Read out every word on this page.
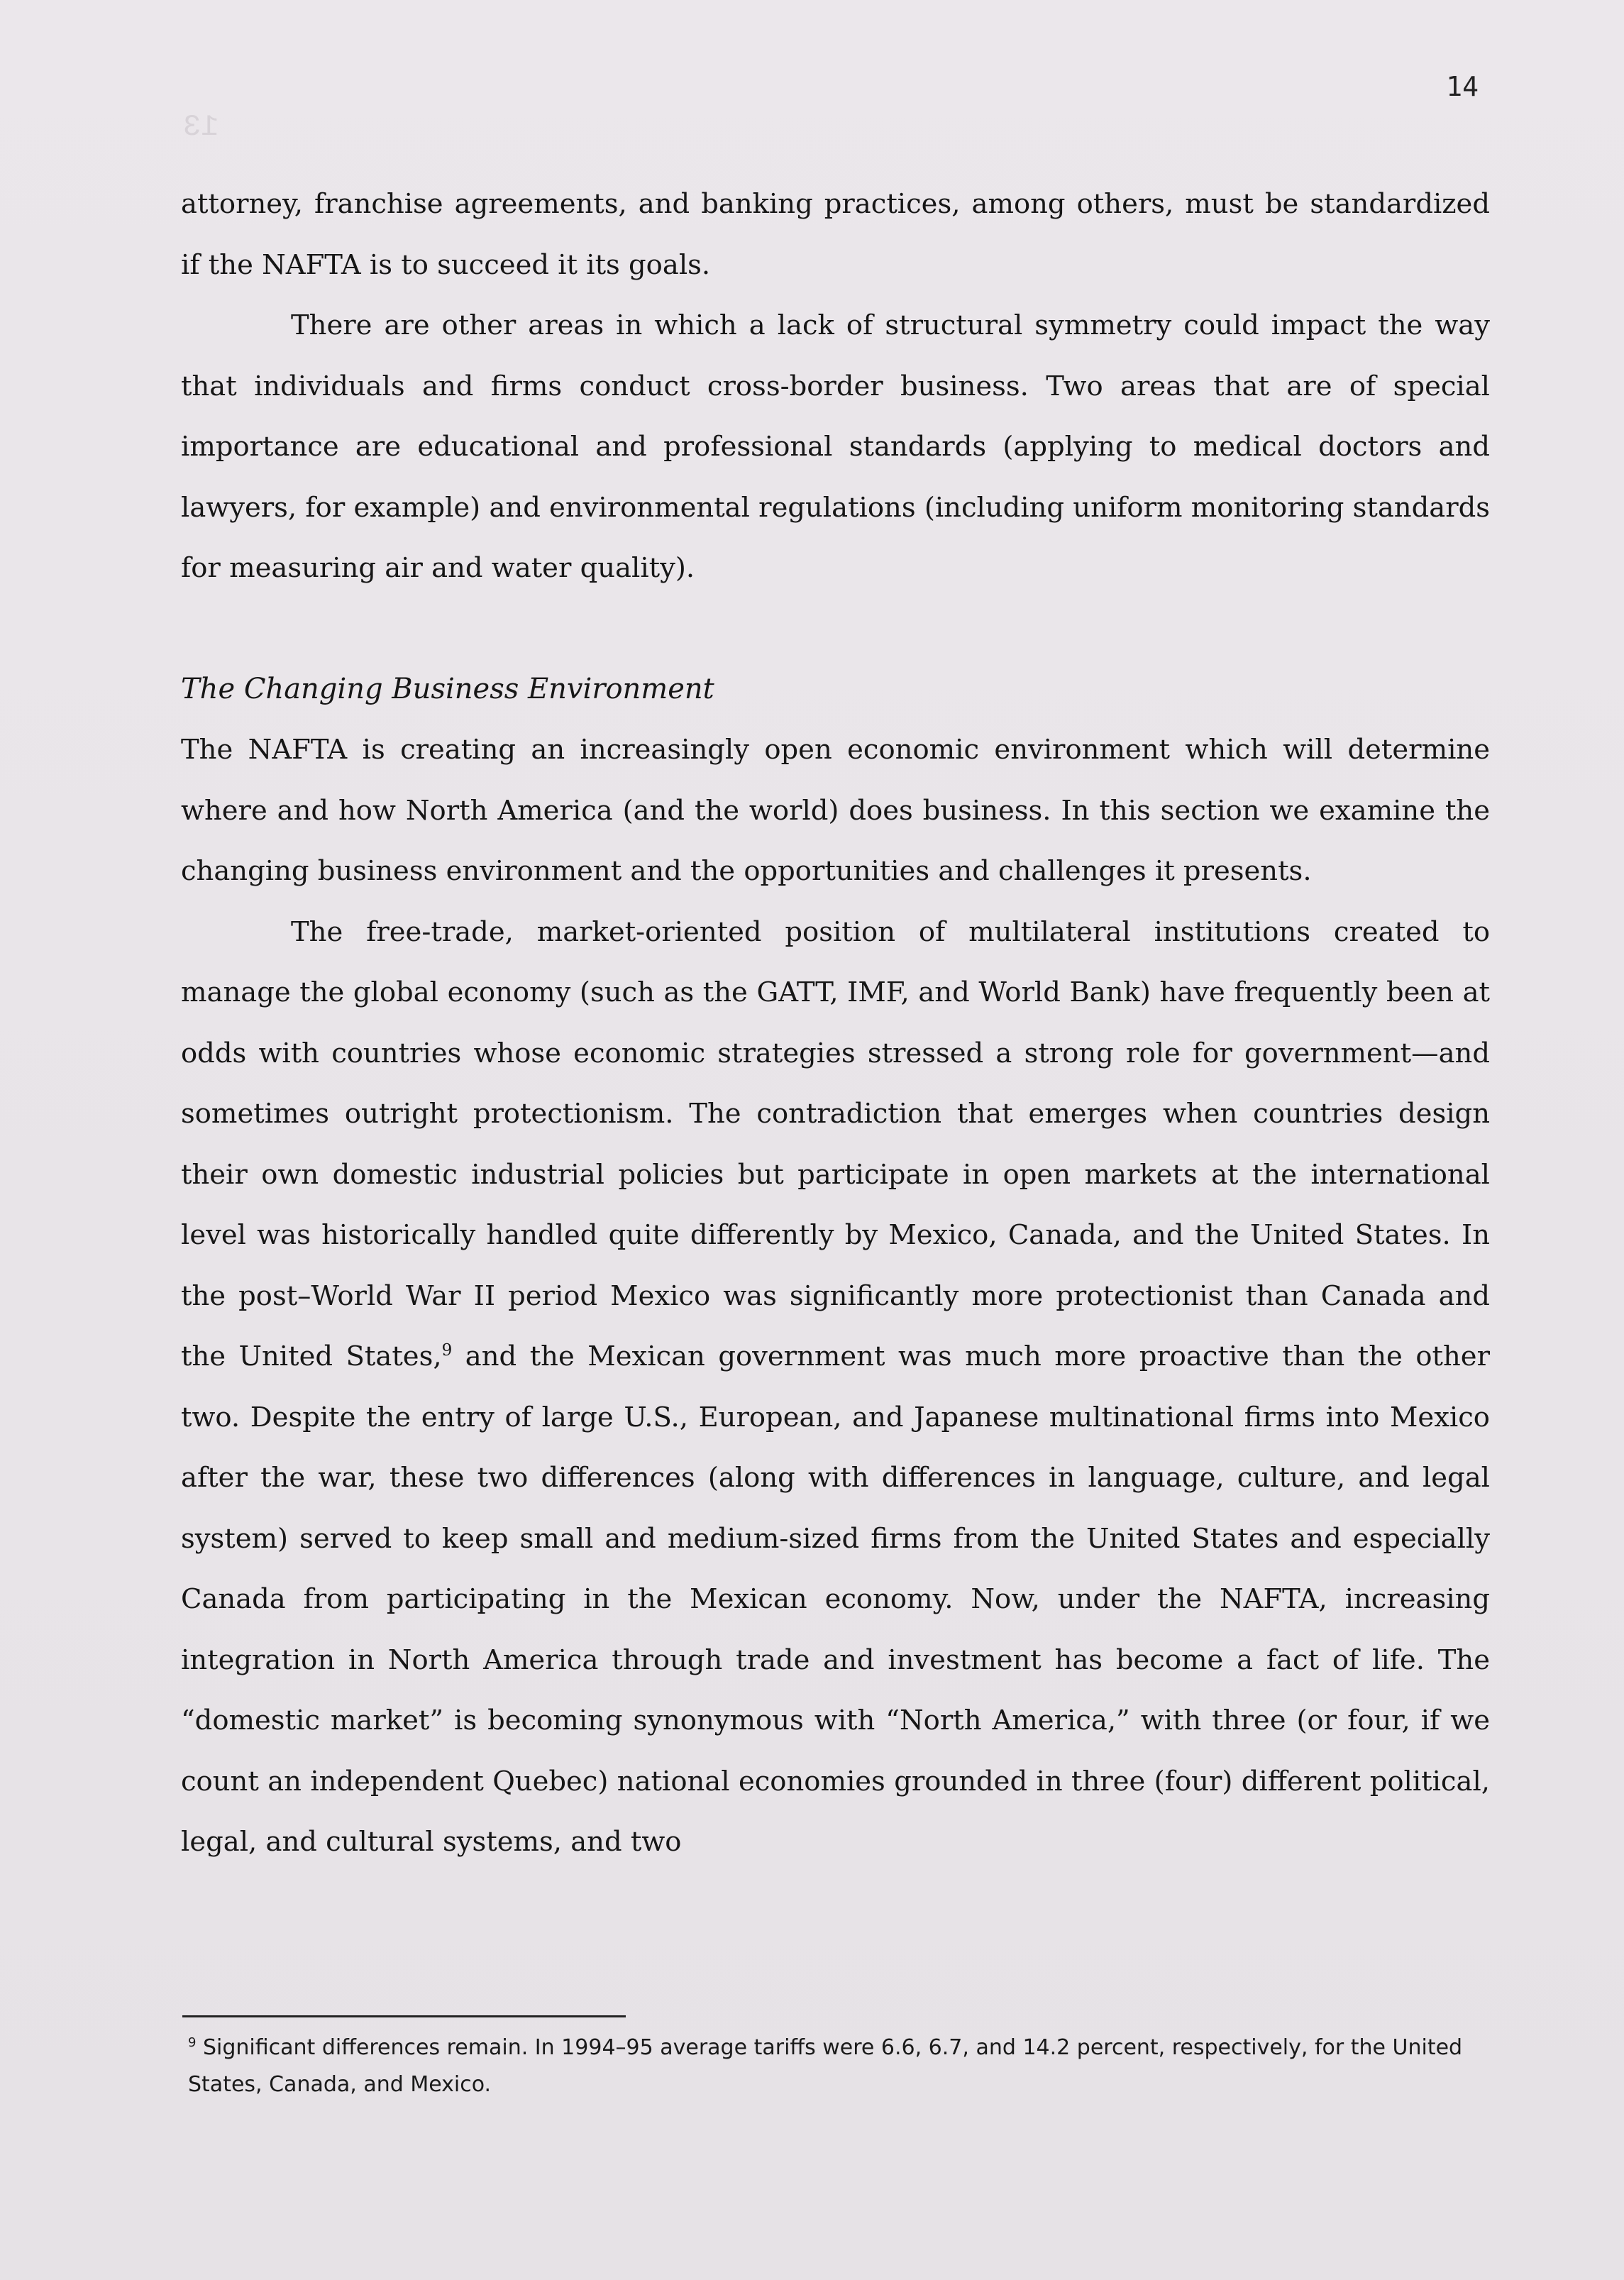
13
14

attorney, franchise agreements, and banking practices, among others, must be standardized if the NAFTA is to succeed it its goals.

There are other areas in which a lack of structural symmetry could impact the way that individuals and firms conduct cross-border business. Two areas that are of special importance are educational and professional standards (applying to medical doctors and lawyers, for example) and environmental regulations (including uniform monitoring standards for measuring air and water quality).

The Changing Business Environment

The NAFTA is creating an increasingly open economic environment which will determine where and how North America (and the world) does business. In this section we examine the changing business environment and the opportunities and challenges it presents.

The free-trade, market-oriented position of multilateral institutions created to manage the global economy (such as the GATT, IMF, and World Bank) have frequently been at odds with countries whose economic strategies stressed a strong role for government—and sometimes outright protectionism. The contradiction that emerges when countries design their own domestic industrial policies but participate in open markets at the international level was historically handled quite differently by Mexico, Canada, and the United States. In the post–World War II period Mexico was significantly more protectionist than Canada and the United States,$^9$ and the Mexican government was much more proactive than the other two. Despite the entry of large U.S., European, and Japanese multinational firms into Mexico after the war, these two differences (along with differences in language, culture, and legal system) served to keep small and medium-sized firms from the United States and especially Canada from participating in the Mexican economy. Now, under the NAFTA, increasing integration in North America through trade and investment has become a fact of life. The “domestic market” is becoming synonymous with “North America,” with three (or four, if we count an independent Quebec) national economies grounded in three (four) different political, legal, and cultural systems, and two

$^9$ Significant differences remain. In 1994–95 average tariffs were 6.6, 6.7, and 14.2 percent, respectively, for the United States, Canada, and Mexico.
